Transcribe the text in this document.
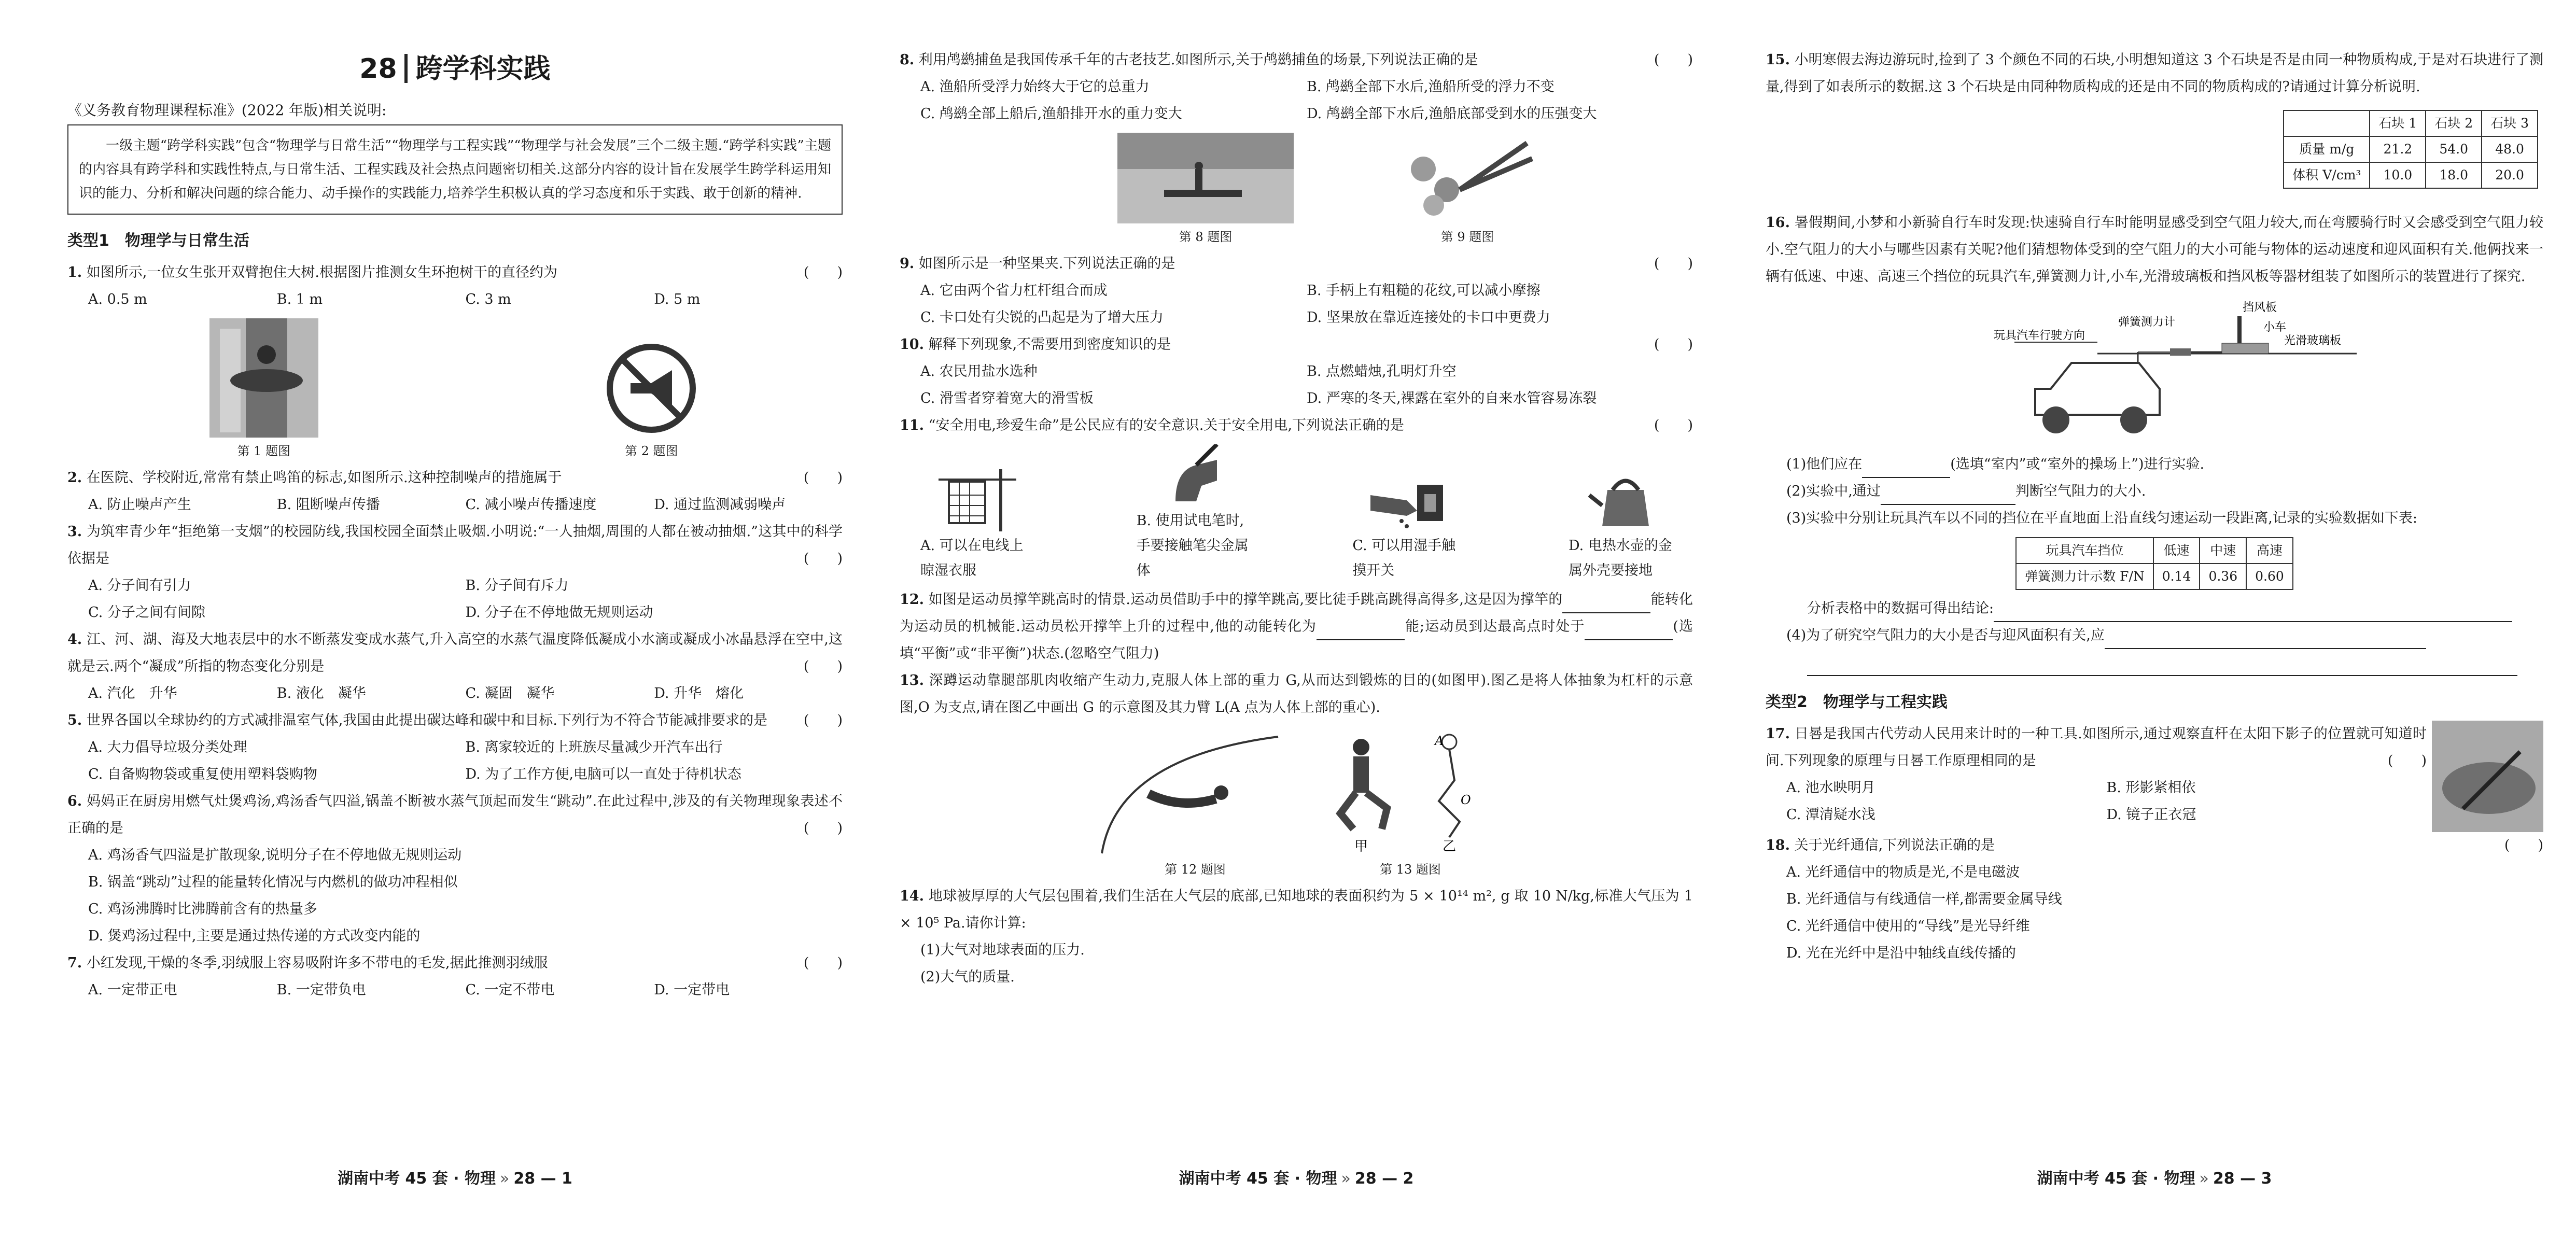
28 跨学科实践
《义务教育物理课程标准》(2022 年版)相关说明:
一级主题“跨学科实践”包含“物理学与日常生活”“物理学与工程实践”“物理学与社会发展”三个二级主题.“跨学科实践”主题的内容具有跨学科和实践性特点,与日常生活、工程实践及社会热点问题密切相关.这部分内容的设计旨在发展学生跨学科运用知识的能力、分析和解决问题的综合能力、动手操作的实践能力,培养学生积极认真的学习态度和乐于实践、敢于创新的精神.
类型1　物理学与日常生活
1. 如图所示,一位女生张开双臂抱住大树.根据图片推测女生环抱树干的直径约为	(　　)
A. 0.5 m	B. 1 m	C. 3 m	D. 5 m
第 1 题图	第 2 题图
2. 在医院、学校附近,常常有禁止鸣笛的标志,如图所示.这种控制噪声的措施属于	(　　)
A. 防止噪声产生	B. 阻断噪声传播	C. 减小噪声传播速度	D. 通过监测减弱噪声
3. 为筑牢青少年“拒绝第一支烟”的校园防线,我国校园全面禁止吸烟.小明说:“一人抽烟,周围的人都在被动抽烟.”这其中的科学依据是	(　　)
A. 分子间有引力	B. 分子间有斥力
C. 分子之间有间隙	D. 分子在不停地做无规则运动
4. 江、河、湖、海及大地表层中的水不断蒸发变成水蒸气,升入高空的水蒸气温度降低凝成小水滴或凝成小冰晶悬浮在空中,这就是云.两个“凝成”所指的物态变化分别是	(　　)
A. 汽化　升华	B. 液化　凝华	C. 凝固　凝华	D. 升华　熔化
5. 世界各国以全球协约的方式减排温室气体,我国由此提出碳达峰和碳中和目标.下列行为不符合节能减排要求的是	(　　)
A. 大力倡导垃圾分类处理	B. 离家较近的上班族尽量减少开汽车出行
C. 自备购物袋或重复使用塑料袋购物	D. 为了工作方便,电脑可以一直处于待机状态
6. 妈妈正在厨房用燃气灶煲鸡汤,鸡汤香气四溢,锅盖不断被水蒸气顶起而发生“跳动”.在此过程中,涉及的有关物理现象表述不正确的是	(　　)
A. 鸡汤香气四溢是扩散现象,说明分子在不停地做无规则运动
B. 锅盖“跳动”过程的能量转化情况与内燃机的做功冲程相似
C. 鸡汤沸腾时比沸腾前含有的热量多
D. 煲鸡汤过程中,主要是通过热传递的方式改变内能的
7. 小红发现,干燥的冬季,羽绒服上容易吸附许多不带电的毛发,据此推测羽绒服	(　　)
A. 一定带正电	B. 一定带负电	C. 一定不带电	D. 一定带电
湖南中考 45 套 · 物理 » 28 — 1
8. 利用鸬鹚捕鱼是我国传承千年的古老技艺.如图所示,关于鸬鹚捕鱼的场景,下列说法正确的是	(　　)
A. 渔船所受浮力始终大于它的总重力	B. 鸬鹚全部下水后,渔船所受的浮力不变
C. 鸬鹚全部上船后,渔船排开水的重力变大	D. 鸬鹚全部下水后,渔船底部受到水的压强变大
第 8 题图	第 9 题图
9. 如图所示是一种坚果夹.下列说法正确的是	(　　)
A. 它由两个省力杠杆组合而成	B. 手柄上有粗糙的花纹,可以减小摩擦
C. 卡口处有尖锐的凸起是为了增大压力	D. 坚果放在靠近连接处的卡口中更费力
10. 解释下列现象,不需要用到密度知识的是	(　　)
A. 农民用盐水选种	B. 点燃蜡烛,孔明灯升空
C. 滑雪者穿着宽大的滑雪板	D. 严寒的冬天,裸露在室外的自来水管容易冻裂
11. “安全用电,珍爱生命”是公民应有的安全意识.关于安全用电,下列说法正确的是	(　　)
A. 可以在电线上晾湿衣服
B. 使用试电笔时,手要接触笔尖金属体
C. 可以用湿手触摸开关
D. 电热水壶的金属外壳要接地
12. 如图是运动员撑竿跳高时的情景.运动员借助手中的撑竿跳高,要比徒手跳高跳得高得多,这是因为撑竿的	能转化为运动员的机械能.运动员松开撑竿上升的过程中,他的动能转化为	能;运动员到达最高点时处于	(选填“平衡”或“非平衡”)状态.(忽略空气阻力)
13. 深蹲运动靠腿部肌肉收缩产生动力,克服人体上部的重力 G,从而达到锻炼的目的(如图甲).图乙是将人体抽象为杠杆的示意图,O 为支点,请在图乙中画出 G 的示意图及其力臂 L(A 点为人体上部的重心).
第 12 题图
甲
A
O
乙
第 13 题图
14. 地球被厚厚的大气层包围着,我们生活在大气层的底部,已知地球的表面积约为 5 × 10¹⁴ m², g 取 10 N/kg,标准大气压为 1 × 10⁵ Pa.请你计算:
(1)大气对地球表面的压力.
(2)大气的质量.
湖南中考 45 套 · 物理 » 28 — 2
15. 小明寒假去海边游玩时,捡到了 3 个颜色不同的石块,小明想知道这 3 个石块是否是由同一种物质构成,于是对石块进行了测量,得到了如表所示的数据.这 3 个石块是由同种物质构成的还是由不同的物质构成的?请通过计算分析说明.
	石块 1	石块 2	石块 3
质量 m/g	21.2	54.0	48.0
体积 V/cm³	10.0	18.0	20.0
16. 暑假期间,小梦和小新骑自行车时发现:快速骑自行车时能明显感受到空气阻力较大,而在弯腰骑行时又会感受到空气阻力较小.空气阻力的大小与哪些因素有关呢?他们猜想物体受到的空气阻力的大小可能与物体的运动速度和迎风面积有关.他俩找来一辆有低速、中速、高速三个挡位的玩具汽车,弹簧测力计,小车,光滑玻璃板和挡风板等器材组装了如图所示的装置进行了探究.
挡风板
弹簧测力计	小车
光滑玻璃板
玩具汽车行驶方向
(1)他们应在	(选填“室内”或“室外的操场上”)进行实验.
(2)实验中,通过	判断空气阻力的大小.
(3)实验中分别让玩具汽车以不同的挡位在平直地面上沿直线匀速运动一段距离,记录的实验数据如下表:
玩具汽车挡位	低速	中速	高速
弹簧测力计示数 F/N	0.14	0.36	0.60
分析表格中的数据可得出结论:
(4)为了研究空气阻力的大小是否与迎风面积有关,应
类型2　物理学与工程实践
17. 日晷是我国古代劳动人民用来计时的一种工具.如图所示,通过观察直杆在太阳下影子的位置就可知道时间.下列现象的原理与日晷工作原理相同的是	(　　)
A. 池水映明月	B. 形影紧相依
C. 潭清疑水浅	D. 镜子正衣冠
18. 关于光纤通信,下列说法正确的是	(　　)
A. 光纤通信中的物质是光,不是电磁波
B. 光纤通信与有线通信一样,都需要金属导线
C. 光纤通信中使用的“导线”是光导纤维
D. 光在光纤中是沿中轴线直线传播的
湖南中考 45 套 · 物理 » 28 — 3
